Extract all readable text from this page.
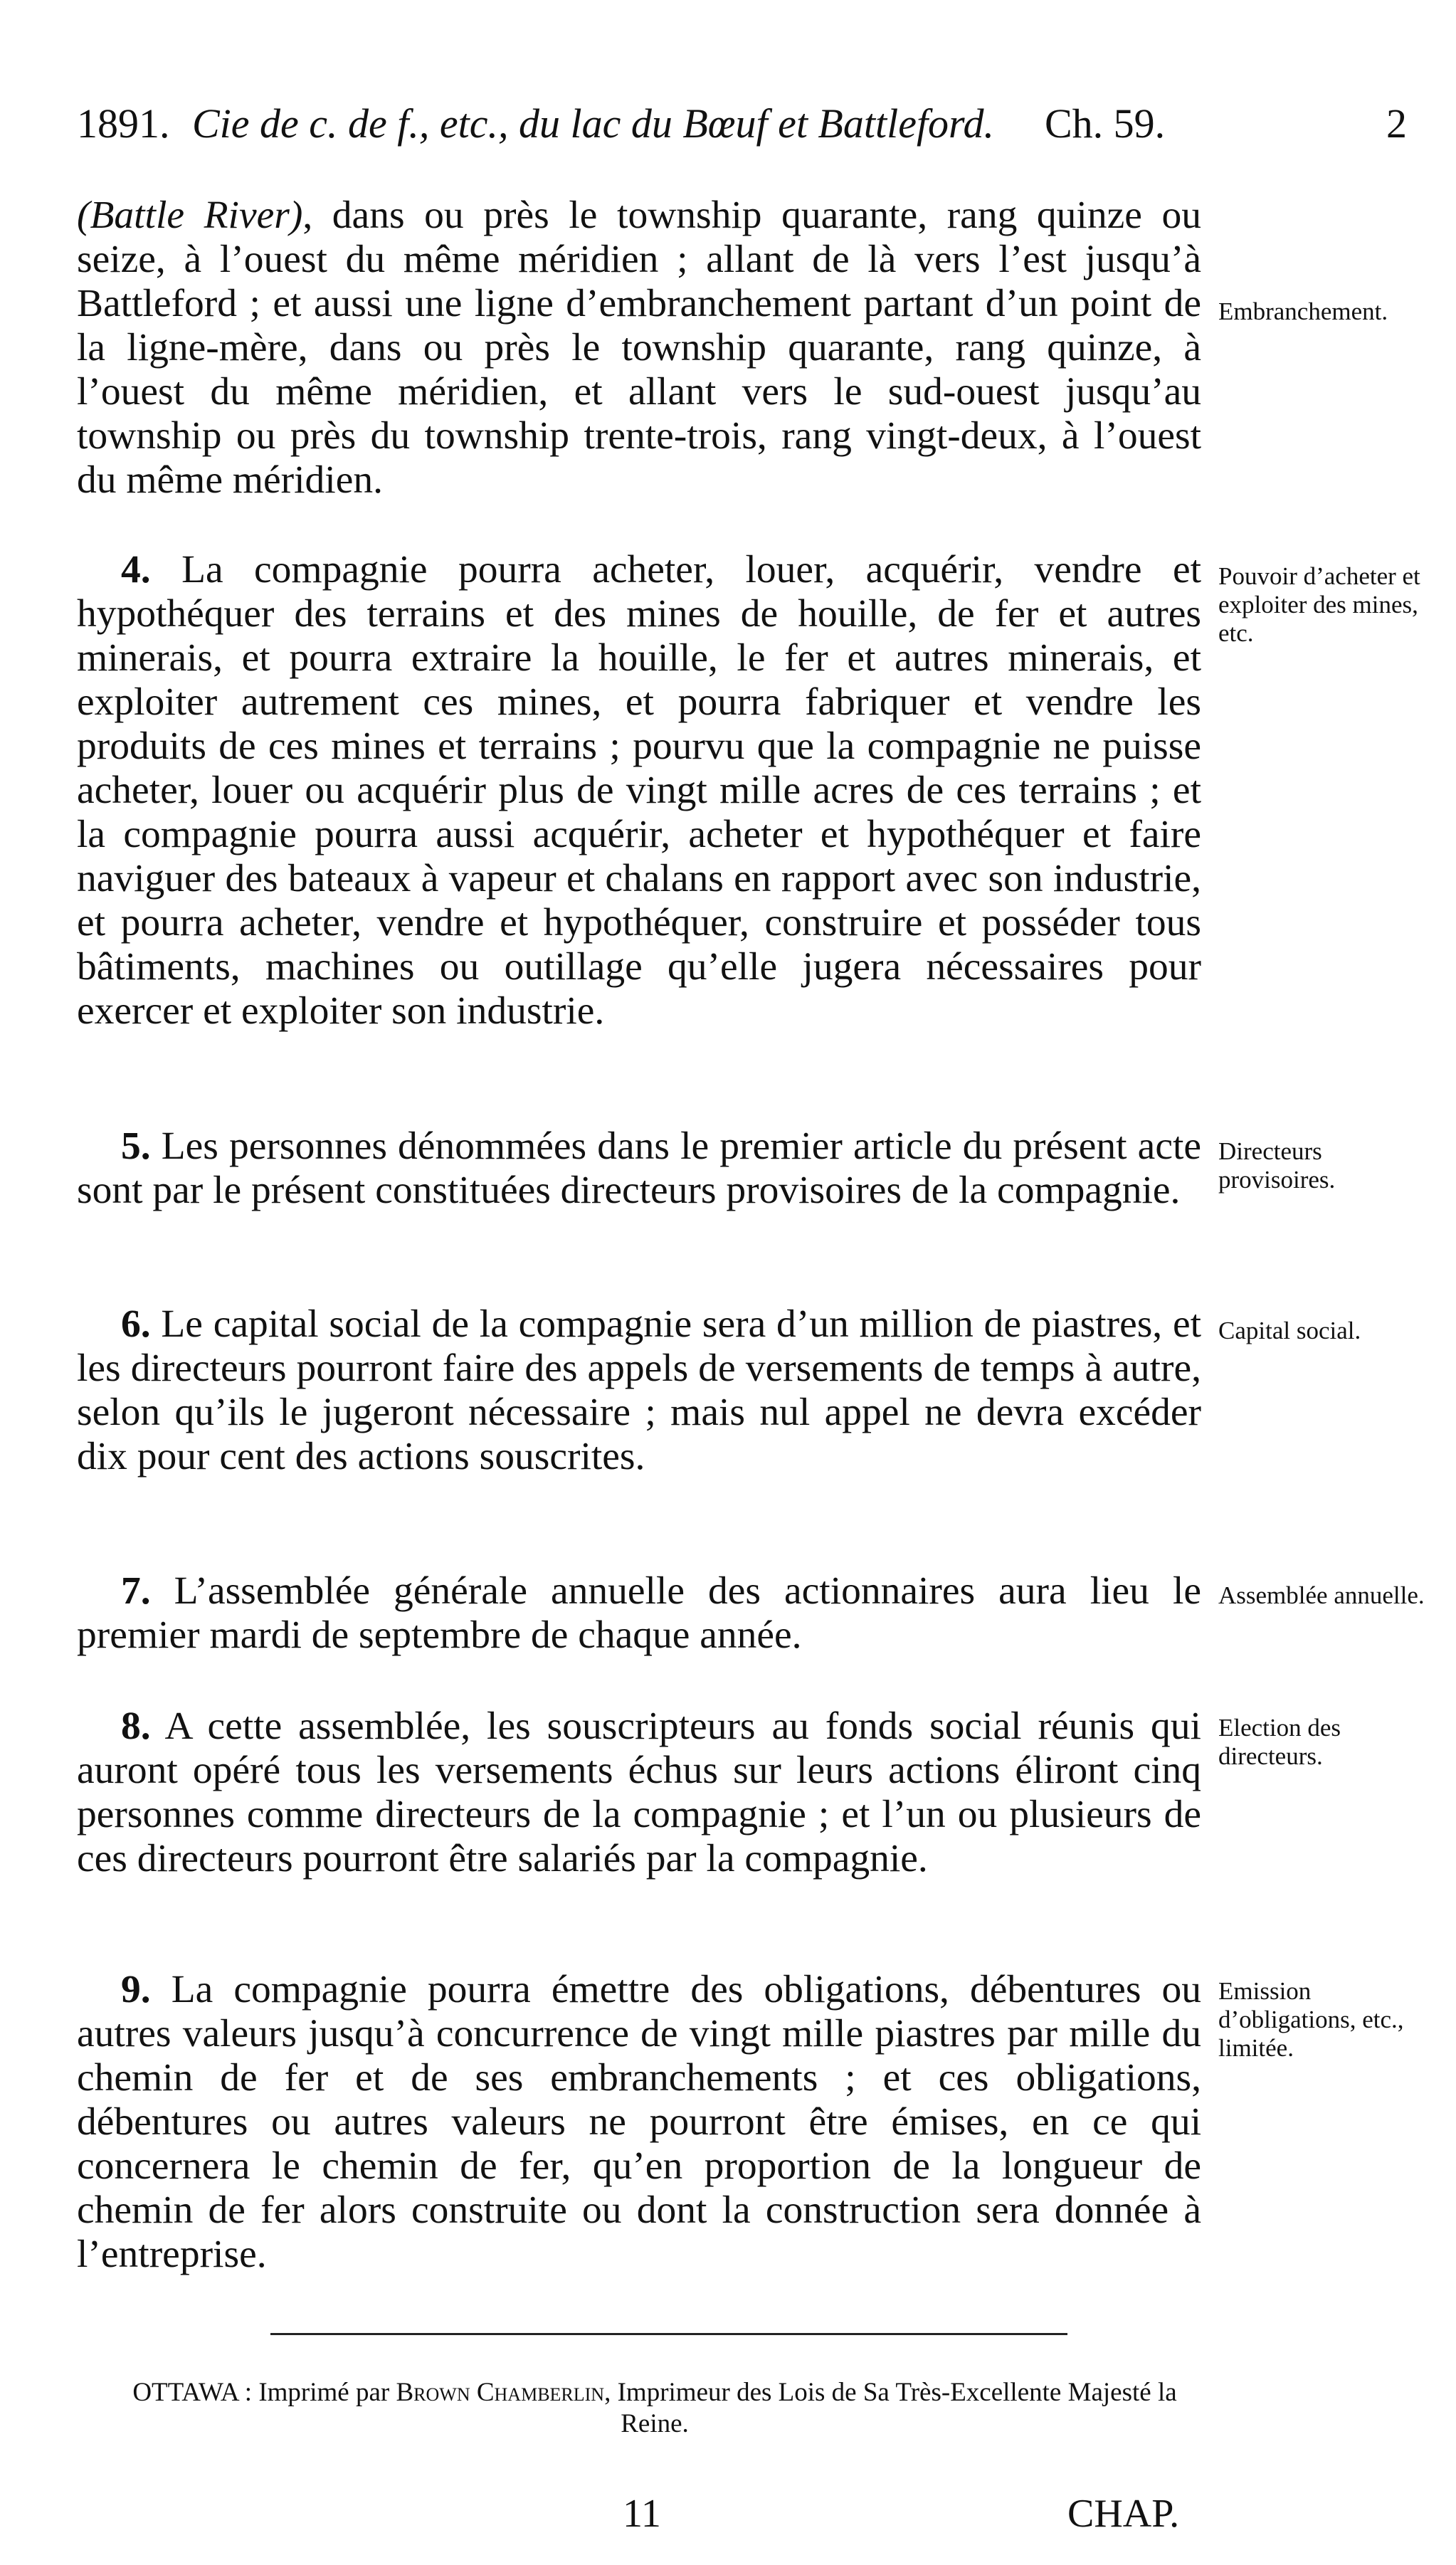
1891. Cie de c. de f., etc., du lac du Bœuf et Battleford. Ch. 59.	2

(Battle River), dans ou près le township quarante, rang quinze ou seize, à l’ouest du même méridien ; allant de là vers l’est jusqu’à Battleford ; et aussi une ligne d’embranchement partant d’un point de la ligne-mère, dans ou près le township quarante, rang quinze, à l’ouest du même méridien, et allant vers le sud-ouest jusqu’au township ou près du township trente-trois, rang vingt-deux, à l’ouest du même méridien.

4. La compagnie pourra acheter, louer, acquérir, vendre et hypothéquer des terrains et des mines de houille, de fer et autres minerais, et pourra extraire la houille, le fer et autres minerais, et exploiter autrement ces mines, et pourra fabriquer et vendre les produits de ces mines et terrains ; pourvu que la compagnie ne puisse acheter, louer ou acquérir plus de vingt mille acres de ces terrains ; et la compagnie pourra aussi acquérir, acheter et hypothéquer et faire naviguer des bateaux à vapeur et chalans en rapport avec son industrie, et pourra acheter, vendre et hypothéquer, construire et posséder tous bâtiments, machines ou outillage qu’elle jugera nécessaires pour exercer et exploiter son industrie.

5. Les personnes dénommées dans le premier article du présent acte sont par le présent constituées directeurs provisoires de la compagnie.

6. Le capital social de la compagnie sera d’un million de piastres, et les directeurs pourront faire des appels de versements de temps à autre, selon qu’ils le jugeront nécessaire ; mais nul appel ne devra excéder dix pour cent des actions souscrites.

7. L’assemblée générale annuelle des actionnaires aura lieu le premier mardi de septembre de chaque année.

8. A cette assemblée, les souscripteurs au fonds social réunis qui auront opéré tous les versements échus sur leurs actions éliront cinq personnes comme directeurs de la compagnie ; et l’un ou plusieurs de ces directeurs pourront être salariés par la compagnie.

9. La compagnie pourra émettre des obligations, débentures ou autres valeurs jusqu’à concurrence de vingt mille piastres par mille du chemin de fer et de ses embranchements ; et ces obligations, débentures ou autres valeurs ne pourront être émises, en ce qui concernera le chemin de fer, qu’en proportion de la longueur de chemin de fer alors construite ou dont la construction sera donnée à l’entreprise.

Embranchement.
Pouvoir d’acheter et exploiter des mines, etc.
Directeurs provisoires.
Capital social.
Assemblée annuelle.
Election des directeurs.
Emission d’obligations, etc., limitée.
OTTAWA : Imprimé par Brown Chamberlin, Imprimeur des Lois de Sa Très-Excellente Majesté la Reine.
11	CHAP.
